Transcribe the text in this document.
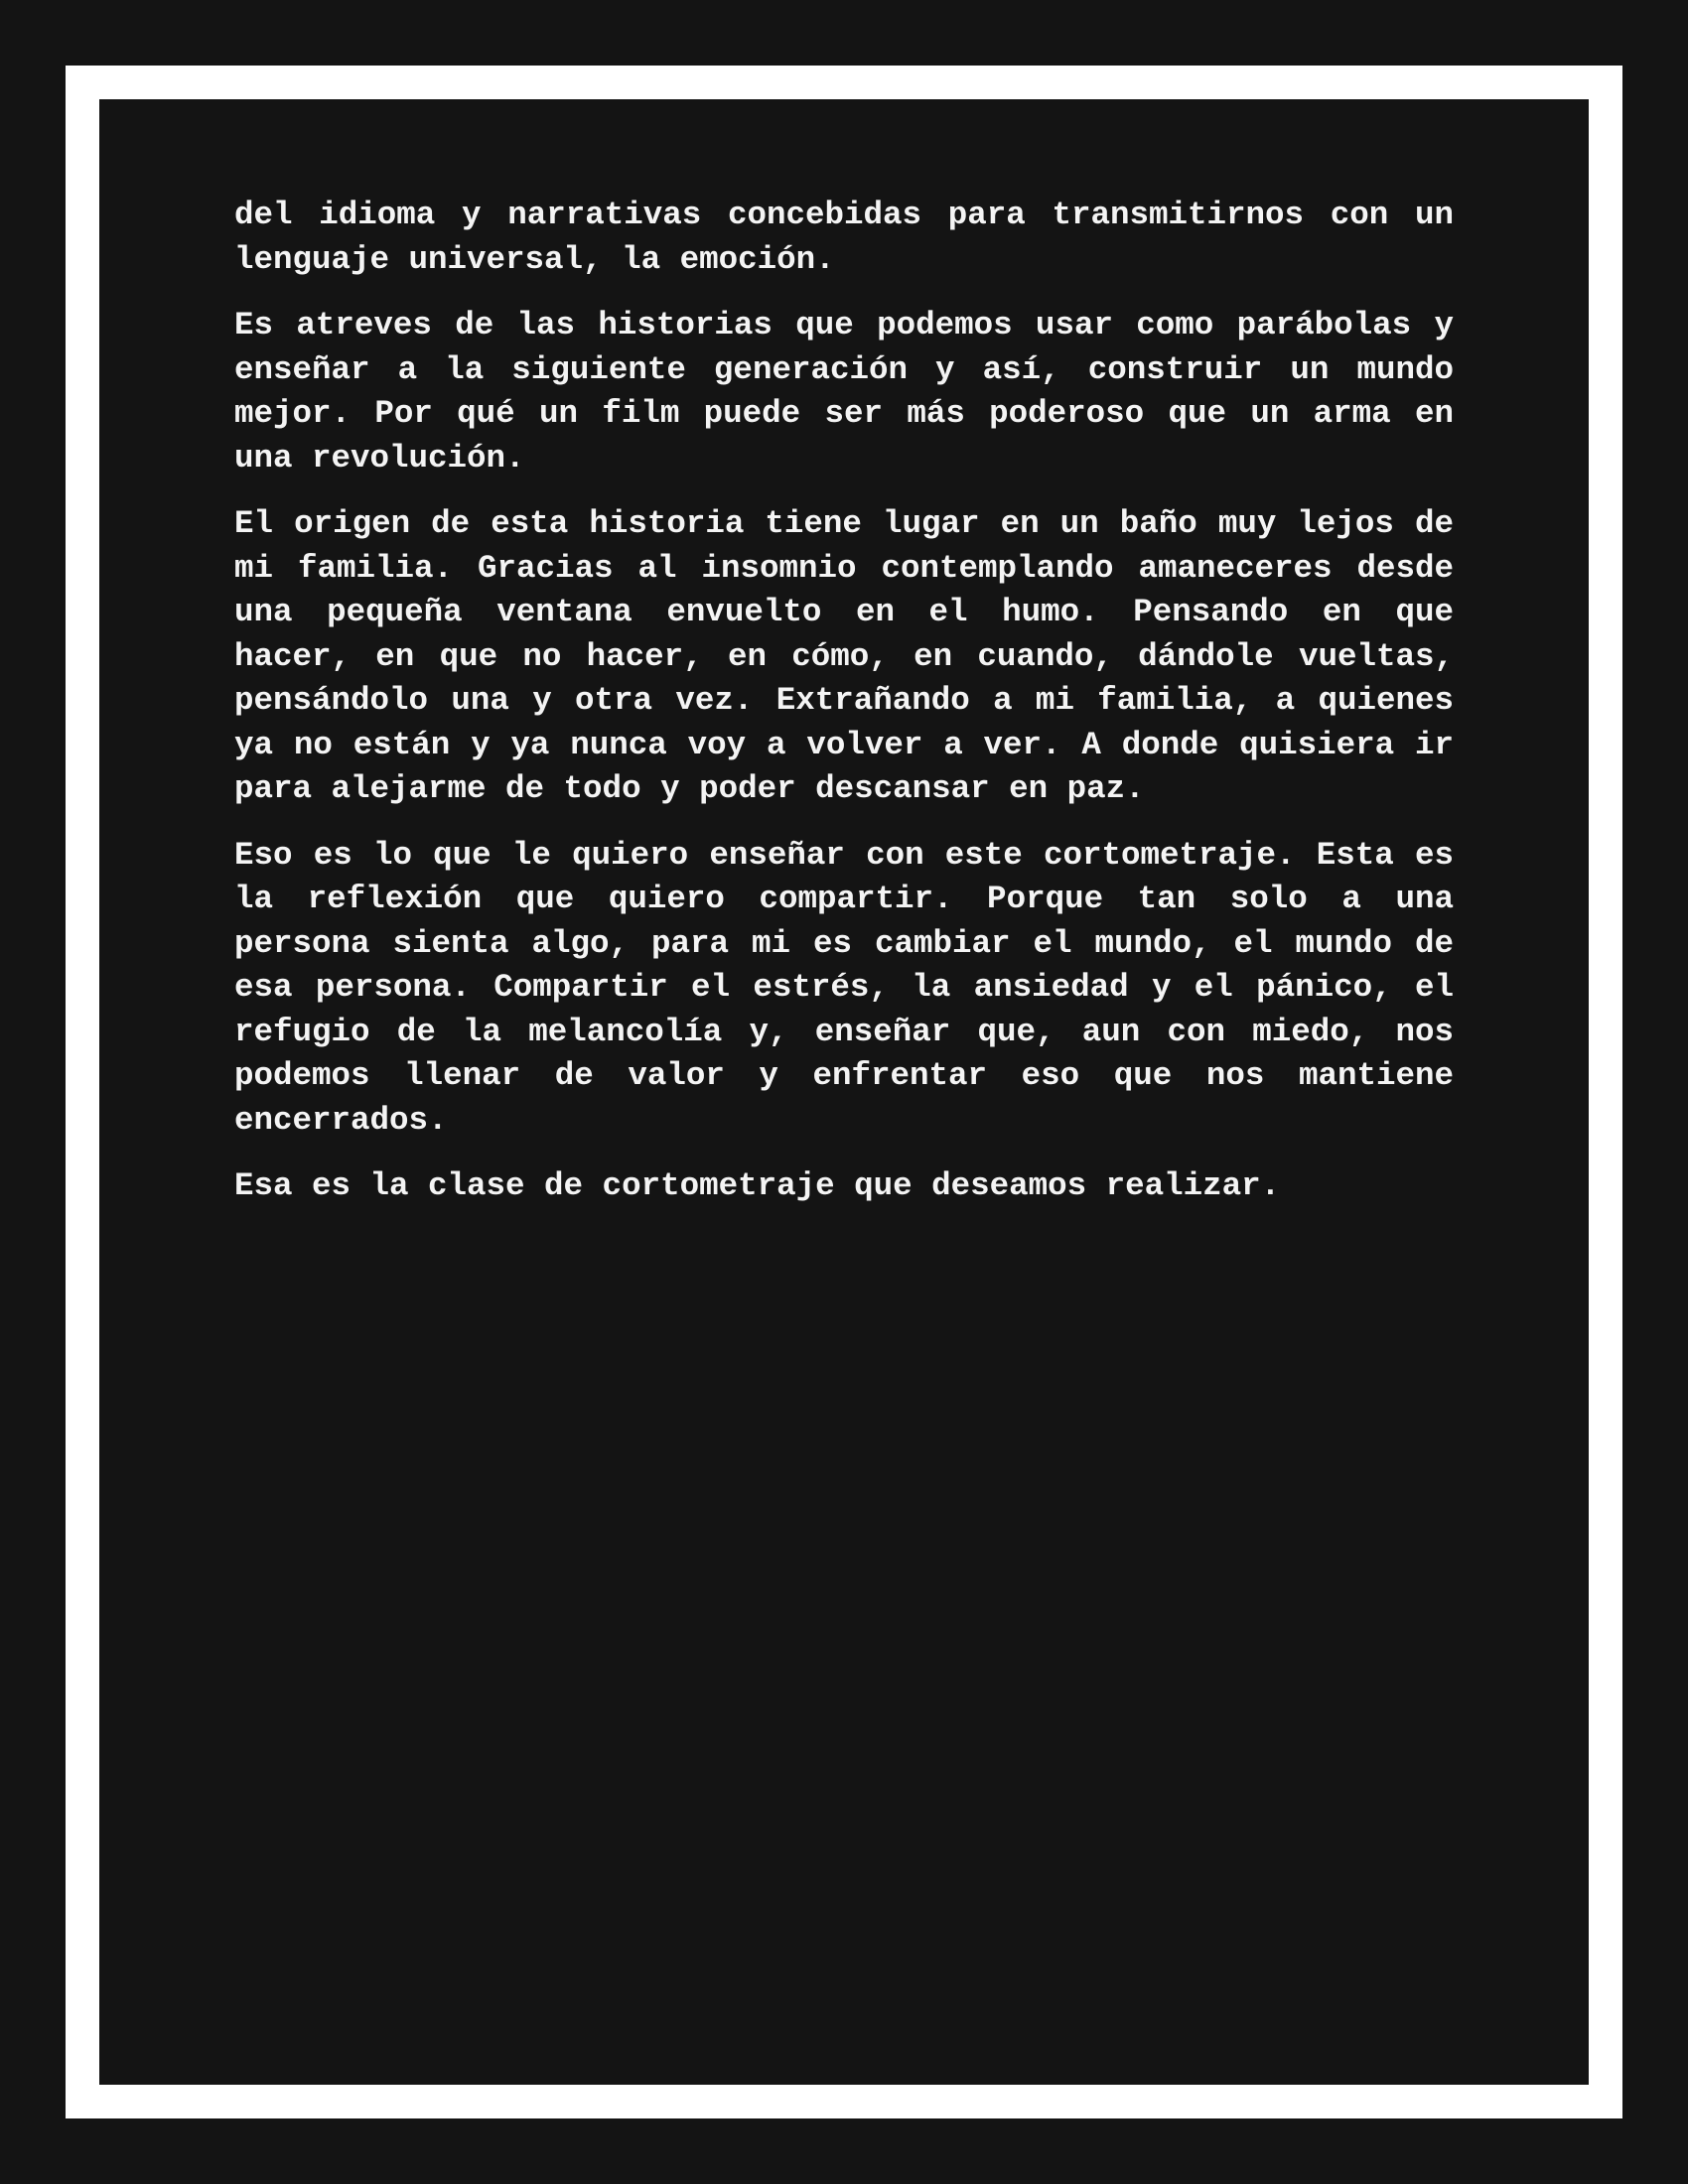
del idioma y narrativas concebidas para transmitirnos con un lenguaje universal, la emoción.

Es atreves de las historias que podemos usar como parábolas y enseñar a la siguiente generación y así, construir un mundo mejor. Por qué un film puede ser más poderoso que un arma en una revolución.

El origen de esta historia tiene lugar en un baño muy lejos de mi familia. Gracias al insomnio contemplando amaneceres desde una pequeña ventana envuelto en el humo. Pensando en que hacer, en que no hacer, en cómo, en cuando, dándole vueltas, pensándolo una y otra vez. Extrañando a mi familia, a quienes ya no están y ya nunca voy a volver a ver. A donde quisiera ir para alejarme de todo y poder descansar en paz.

Eso es lo que le quiero enseñar con este cortometraje. Esta es la reflexión que quiero compartir. Porque tan solo a una persona sienta algo, para mi es cambiar el mundo, el mundo de esa persona. Compartir el estrés, la ansiedad y el pánico, el refugio de la melancolía y, enseñar que, aun con miedo, nos podemos llenar de valor y enfrentar eso que nos mantiene encerrados.

Esa es la clase de cortometraje que deseamos realizar.
